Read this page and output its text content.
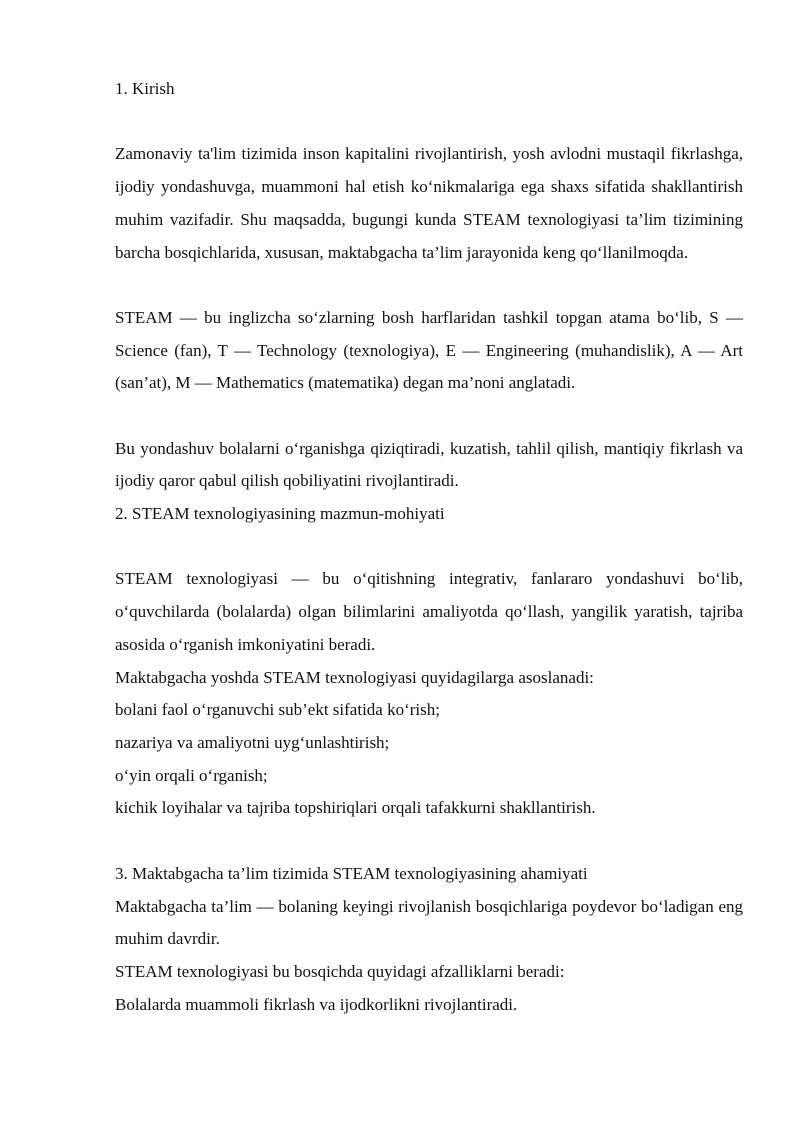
1. Kirish

Zamonaviy ta'lim tizimida inson kapitalini rivojlantirish, yosh avlodni mustaqil fikrlashga, ijodiy yondashuvga, muammoni hal etish ko‘nikmalariga ega shaxs sifatida shakllantirish muhim vazifadir. Shu maqsadda, bugungi kunda STEAM texnologiyasi ta’lim tizimining barcha bosqichlarida, xususan, maktabgacha ta’lim jarayonida keng qo‘llanilmoqda.

STEAM — bu inglizcha so‘zlarning bosh harflaridan tashkil topgan atama bo‘lib, S — Science (fan), T — Technology (texnologiya), E — Engineering (muhandislik), A — Art (san’at), M — Mathematics (matematika) degan ma’noni anglatadi.

Bu yondashuv bolalarni o‘rganishga qiziqtiradi, kuzatish, tahlil qilish, mantiqiy fikrlash va ijodiy qaror qabul qilish qobiliyatini rivojlantiradi.

2. STEAM texnologiyasining mazmun-mohiyati

STEAM texnologiyasi — bu o‘qitishning integrativ, fanlararo yondashuvi bo‘lib, o‘quvchilarda (bolalarda) olgan bilimlarini amaliyotda qo‘llash, yangilik yaratish, tajriba asosida o‘rganish imkoniyatini beradi.

Maktabgacha yoshda STEAM texnologiyasi quyidagilarga asoslanadi:

bolani faol o‘rganuvchi sub’ekt sifatida ko‘rish;

nazariya va amaliyotni uyg‘unlashtirish;

o‘yin orqali o‘rganish;

kichik loyihalar va tajriba topshiriqlari orqali tafakkurni shakllantirish.

3. Maktabgacha ta’lim tizimida STEAM texnologiyasining ahamiyati

Maktabgacha ta’lim — bolaning keyingi rivojlanish bosqichlariga poydevor bo‘ladigan eng muhim davrdir.

STEAM texnologiyasi bu bosqichda quyidagi afzalliklarni beradi:

Bolalarda muammoli fikrlash va ijodkorlikni rivojlantiradi.
